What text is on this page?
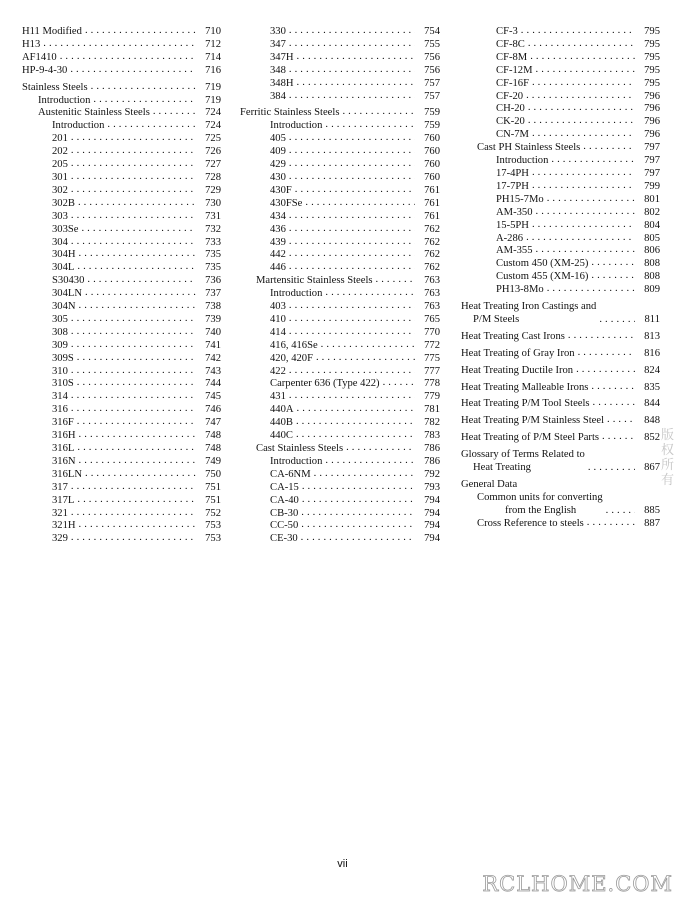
H11 Modified . . .	710
H13 . . .	712
AF1410 . . .	714
HP-9-4-30 . . .	716
Stainless Steels . . .	719
Introduction . . .	719
Austenitic Stainless Steels . . .	724
Introduction . . .	724
201 . . .	725
202 . . .	726
205 . . .	727
301 . . .	728
302 . . .	729
302B . . .	730
303 . . .	731
303Se . . .	732
304 . . .	733
304H . . .	735
304L . . .	735
S30430 . . .	736
304LN . . .	737
304N . . .	738
305 . . .	739
308 . . .	740
309 . . .	741
309S . . .	742
310 . . .	743
310S . . .	744
314 . . .	745
316 . . .	746
316F . . .	747
316H . . .	748
316L . . .	748
316N . . .	749
316LN . . .	750
317 . . .	751
317L . . .	751
321 . . .	752
321H . . .	753
329 . . .	753
330 . . .	754
347 . . .	755
347H . . .	756
348 . . .	756
348H . . .	757
384 . . .	757
Ferritic Stainless Steels . . .	759
Introduction . . .	759
405 . . .	760
409 . . .	760
429 . . .	760
430 . . .	760
430F . . .	761
430FSe . . .	761
434 . . .	761
436 . . .	762
439 . . .	762
442 . . .	762
446 . . .	762
Martensitic Stainless Steels . . .	763
Introduction . . .	763
403 . . .	763
410 . . .	765
414 . . .	770
416, 416Se . . .	772
420, 420F . . .	775
422 . . .	777
Carpenter 636 (Type 422) . . .	778
431 . . .	779
440A . . .	781
440B . . .	782
440C . . .	783
Cast Stainless Steels . . .	786
Introduction . . .	786
CA-6NM . . .	792
CA-15 . . .	793
CA-40 . . .	794
CB-30 . . .	794
CC-50 . . .	794
CE-30 . . .	794
CF-3 . . .	795
CF-8C . . .	795
CF-8M . . .	795
CF-12M . . .	795
CF-16F . . .	795
CF-20 . . .	796
CH-20 . . .	796
CK-20 . . .	796
CN-7M . . .	796
Cast PH Stainless Steels . . .	797
Introduction . . .	797
17-4PH . . .	797
17-7PH . . .	799
PH15-7Mo . . .	801
AM-350 . . .	802
15-5PH . . .	804
A-286 . . .	805
AM-355 . . .	806
Custom 450 (XM-25) . . .	808
Custom 455 (XM-16) . . .	808
PH13-8Mo . . .	809
Heat Treating Iron Castings and
P/M Steels . . .	811
Heat Treating Cast Irons . . .	813
Heat Treating of Gray Iron . . .	816
Heat Treating Ductile Iron . . .	824
Heat Treating Malleable Irons . . .	835
Heat Treating P/M Tool Steels . . .	844
Heat Treating P/M Stainless Steel . . .	848
Heat Treating of P/M Steel Parts . . .	852
Glossary of Terms Related to
Heat Treating . . .	867
General Data
Common units for converting
from the English . . .	885
Cross Reference to steels . . .	887
vii
版
权
所
有
RCLHOME.COM
